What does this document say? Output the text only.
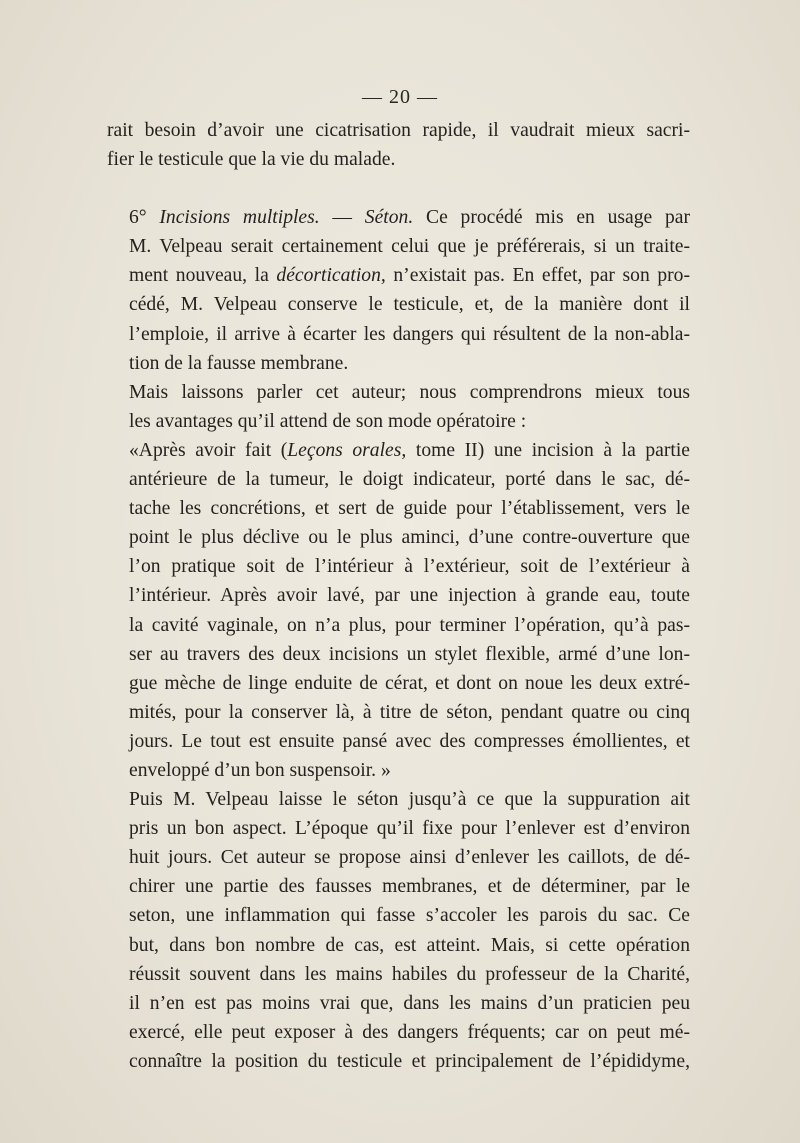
— 20 —

rait besoin d’avoir une cicatrisation rapide, il vaudrait mieux sacri-
fier le testicule que la vie du malade.

6° Incisions multiples. — Séton. Ce procédé mis en usage par
M. Velpeau serait certainement celui que je préférerais, si un traite-
ment nouveau, la décortication, n’existait pas. En effet, par son pro-
cédé, M. Velpeau conserve le testicule, et, de la manière dont il
l’emploie, il arrive à écarter les dangers qui résultent de la non-abla-
tion de la fausse membrane.

Mais laissons parler cet auteur; nous comprendrons mieux tous
les avantages qu’il attend de son mode opératoire :

«Après avoir fait (Leçons orales, tome II) une incision à la partie
antérieure de la tumeur, le doigt indicateur, porté dans le sac, dé-
tache les concrétions, et sert de guide pour l’établissement, vers le
point le plus déclive ou le plus aminci, d’une contre-ouverture que
l’on pratique soit de l’intérieur à l’extérieur, soit de l’extérieur à
l’intérieur. Après avoir lavé, par une injection à grande eau, toute
la cavité vaginale, on n’a plus, pour terminer l’opération, qu’à pas-
ser au travers des deux incisions un stylet flexible, armé d’une lon-
gue mèche de linge enduite de cérat, et dont on noue les deux extré-
mités, pour la conserver là, à titre de séton, pendant quatre ou cinq
jours. Le tout est ensuite pansé avec des compresses émollientes, et
enveloppé d’un bon suspensoir. »

Puis M. Velpeau laisse le séton jusqu’à ce que la suppuration ait
pris un bon aspect. L’époque qu’il fixe pour l’enlever est d’environ
huit jours. Cet auteur se propose ainsi d’enlever les caillots, de dé-
chirer une partie des fausses membranes, et de déterminer, par le
seton, une inflammation qui fasse s’accoler les parois du sac. Ce
but, dans bon nombre de cas, est atteint. Mais, si cette opération
réussit souvent dans les mains habiles du professeur de la Charité,
il n’en est pas moins vrai que, dans les mains d’un praticien peu
exercé, elle peut exposer à des dangers fréquents; car on peut mé-
connaître la position du testicule et principalement de l’épididyme,
